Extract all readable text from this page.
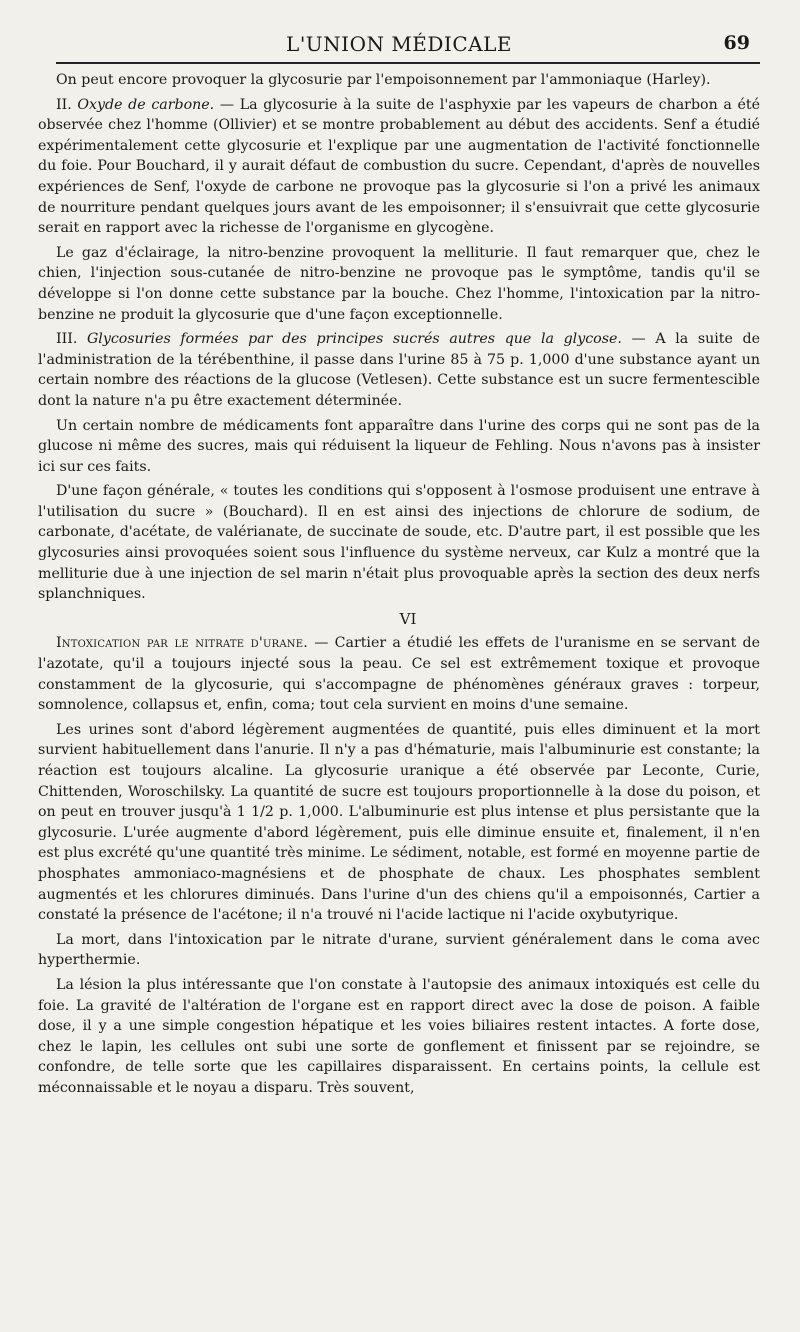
L'UNION MÉDICALE	69

On peut encore provoquer la glycosurie par l'empoisonnement par l'ammoniaque (Harley).

II. Oxyde de carbone. — La glycosurie à la suite de l'asphyxie par les vapeurs de charbon a été observée chez l'homme (Ollivier) et se montre probablement au début des accidents. Senf a étudié expérimentalement cette glycosurie et l'explique par une augmentation de l'activité fonctionnelle du foie. Pour Bouchard, il y aurait défaut de combustion du sucre. Cependant, d'après de nouvelles expériences de Senf, l'oxyde de carbone ne provoque pas la glycosurie si l'on a privé les animaux de nourriture pendant quelques jours avant de les empoisonner; il s'ensuivrait que cette glycosurie serait en rapport avec la richesse de l'organisme en glycogène.

Le gaz d'éclairage, la nitro-benzine provoquent la melliturie. Il faut remarquer que, chez le chien, l'injection sous-cutanée de nitro-benzine ne provoque pas le symptôme, tandis qu'il se développe si l'on donne cette substance par la bouche. Chez l'homme, l'intoxication par la nitro-benzine ne produit la glycosurie que d'une façon exceptionnelle.

III. Glycosuries formées par des principes sucrés autres que la glycose. — A la suite de l'administration de la térébenthine, il passe dans l'urine 85 à 75 p. 1,000 d'une substance ayant un certain nombre des réactions de la glucose (Vetlesen). Cette substance est un sucre fermentescible dont la nature n'a pu être exactement déterminée.

Un certain nombre de médicaments font apparaître dans l'urine des corps qui ne sont pas de la glucose ni même des sucres, mais qui réduisent la liqueur de Fehling. Nous n'avons pas à insister ici sur ces faits.

D'une façon générale, « toutes les conditions qui s'opposent à l'osmose produisent une entrave à l'utilisation du sucre » (Bouchard). Il en est ainsi des injections de chlorure de sodium, de carbonate, d'acétate, de valérianate, de succinate de soude, etc. D'autre part, il est possible que les glycosuries ainsi provoquées soient sous l'influence du système nerveux, car Kulz a montré que la melliturie due à une injection de sel marin n'était plus provoquable après la section des deux nerfs splanchniques.

VI

Intoxication par le nitrate d'urane. — Cartier a étudié les effets de l'uranisme en se servant de l'azotate, qu'il a toujours injecté sous la peau. Ce sel est extrêmement toxique et provoque constamment de la glycosurie, qui s'accompagne de phénomènes généraux graves : torpeur, somnolence, collapsus et, enfin, coma; tout cela survient en moins d'une semaine.

Les urines sont d'abord légèrement augmentées de quantité, puis elles diminuent et la mort survient habituellement dans l'anurie. Il n'y a pas d'hématurie, mais l'albuminurie est constante; la réaction est toujours alcaline. La glycosurie uranique a été observée par Leconte, Curie, Chittenden, Woroschilsky. La quantité de sucre est toujours proportionnelle à la dose du poison, et on peut en trouver jusqu'à 1 1/2 p. 1,000. L'albuminurie est plus intense et plus persistante que la glycosurie. L'urée augmente d'abord légèrement, puis elle diminue ensuite et, finalement, il n'en est plus excrété qu'une quantité très minime. Le sédiment, notable, est formé en moyenne partie de phosphates ammoniaco-magnésiens et de phosphate de chaux. Les phosphates semblent augmentés et les chlorures diminués. Dans l'urine d'un des chiens qu'il a empoisonnés, Cartier a constaté la présence de l'acétone; il n'a trouvé ni l'acide lactique ni l'acide oxybutyrique.

La mort, dans l'intoxication par le nitrate d'urane, survient généralement dans le coma avec hyperthermie.

La lésion la plus intéressante que l'on constate à l'autopsie des animaux intoxiqués est celle du foie. La gravité de l'altération de l'organe est en rapport direct avec la dose de poison. A faible dose, il y a une simple congestion hépatique et les voies biliaires restent intactes. A forte dose, chez le lapin, les cellules ont subi une sorte de gonflement et finissent par se rejoindre, se confondre, de telle sorte que les capillaires disparaissent. En certains points, la cellule est méconnaissable et le noyau a disparu. Très souvent,
